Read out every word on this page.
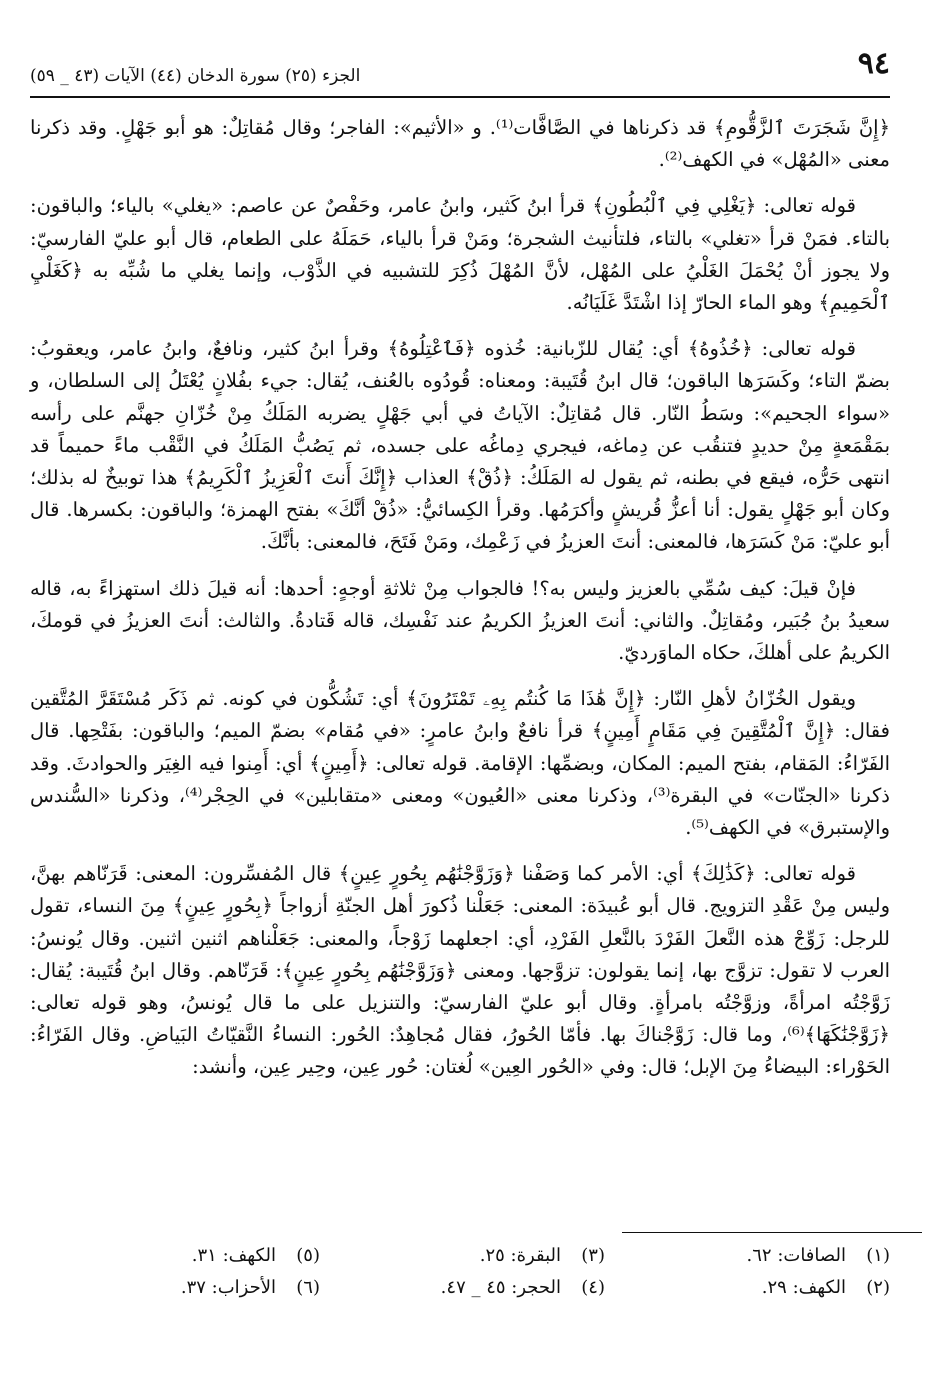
٩٤
الجزء (٢٥) سورة الدخان (٤٤) الآيات (٤٣ _ ٥٩)

﴿إِنَّ شَجَرَتَ ٱلزَّقُّومِ﴾ قد ذكرناها في الصَّافَّات⁽¹⁾. و «الأثيم»: الفاجر؛ وقال مُقاتِلٌ: هو أبو جَهْلٍ. وقد ذكرنا معنى «المُهْل» في الكهف⁽²⁾.

قوله تعالى: ﴿يَغْلِي فِي ٱلْبُطُونِ﴾ قرأ ابنُ كَثير، وابنُ عامر، وحَفْصٌ عن عاصم: «يغلي» بالياء؛ والباقون: بالتاء. فمَنْ قرأ «تغلي» بالتاء، فلتأنيث الشجرة؛ ومَنْ قرأ بالياء، حَمَلَهُ على الطعام، قال أبو عليّ الفارسيّ: ولا يجوز أنْ يُحْمَلَ الغَلْيُ على المُهْل، لأنَّ المُهْلَ ذُكِرَ للتشبيه في الذَّوْب، وإنما يغلي ما شُبِّه به ﴿كَغَلْيِ ٱلْحَمِيمِ﴾ وهو الماء الحارّ إذا اشْتَدَّ غَلَيَانُه.

قوله تعالى: ﴿خُذُوهُ﴾ أي: يُقال للزّبانية: خُذوه ﴿فَٱعْتِلُوهُ﴾ وقرأ ابنُ كثير، ونافعٌ، وابنُ عامر، ويعقوبُ: بضمّ التاء؛ وكَسَرَها الباقون؛ قال ابنُ قُتَيبة: ومعناه: قُودُوه بالعُنف، يُقال: جيء بفُلانٍ يُعْتَلُ إلى السلطان، و «سواء الجحيم»: وسَطُ النّار. قال مُقاتِلٌ: الآياتُ في أبي جَهْلٍ يضربه المَلَكُ مِنْ خُزّانِ جهنَّم على رأسه بمَقْمَعةٍ مِنْ حديدٍ فتنقُب عن دِماغه، فيجري دِماغُه على جسده، ثم يَصُبُّ المَلَكُ في النَّقْب ماءً حميماً قد انتهى حَرُّه، فيقع في بطنه، ثم يقول له المَلَكُ: ﴿ذُقْ﴾ العذاب ﴿إِنَّكَ أَنتَ ٱلْعَزِيزُ ٱلْكَرِيمُ﴾ هذا توبيخٌ له بذلك؛ وكان أبو جَهْلٍ يقول: أنا أعزُّ قُريشٍ وأكرَمُها. وقرأ الكِسائيُّ: «ذُقْ أنَّكَ» بفتح الهمزة؛ والباقون: بكسرها. قال أبو عليّ: مَنْ كَسَرَها، فالمعنى: أنتَ العزيزُ في زَعْمِك، ومَنْ فَتَحَ، فالمعنى: بأنَّكَ.

فإنْ قيلَ: كيف سُمِّي بالعزيز وليس به؟! فالجواب مِنْ ثلاثةِ أوجهٍ: أحدها: أنه قيلَ ذلك استهزاءً به، قاله سعيدُ بنُ جُبَير، ومُقاتِلٌ. والثاني: أنتَ العزيزُ الكريمُ عند نَفْسِك، قاله قَتادةُ. والثالث: أنتَ العزيزُ في قومكَ، الكريمُ على أهلكَ، حكاه الماوَرديّ.

ويقول الخُزّانُ لأهلِ النّار: ﴿إِنَّ هَٰذَا مَا كُنتُم بِهِۦ تَمْتَرُونَ﴾ أي: تَشُكُّون في كونه. ثم ذَكَر مُسْتَقَرَّ المُتَّقين فقال: ﴿إِنَّ ٱلْمُتَّقِينَ فِي مَقَامٍ أَمِينٍ﴾ قرأ نافعٌ وابنُ عامرٍ: «في مُقام» بضمّ الميم؛ والباقون: بفَتْحِها. قال الفَرّاءُ: المَقام، بفتح الميم: المكان، وبضمِّها: الإقامة. قوله تعالى: ﴿أَمِينٍ﴾ أي: أَمِنوا فيه الغِيَر والحوادثَ. وقد ذكرنا «الجنّات» في البقرة⁽³⁾، وذكرنا معنى «العُيون» ومعنى «متقابلين» في الحِجْر⁽⁴⁾، وذكرنا «السُّندس والإستبرق» في الكهف⁽⁵⁾.

قوله تعالى: ﴿كَذَٰلِكَ﴾ أي: الأمر كما وَصَفْنا ﴿وَزَوَّجْنَٰهُم بِحُورٍ عِينٍ﴾ قال المُفسِّرون: المعنى: قَرَنّاهم بهنَّ، وليس مِنْ عَقْدِ التزويج. قال أبو عُبيدَة: المعنى: جَعَلْنا ذُكورَ أهل الجنّةِ أزواجاً ﴿بِحُورٍ عِينٍ﴾ مِنَ النساء، تقول للرجل: زَوِّجْ هذه النَّعلَ الفَرْدَ بالنَّعلِ الفَرْدِ، أي: اجعلهما زَوْجاً، والمعنى: جَعَلْناهم اثنين اثنين. وقال يُونسُ: العرب لا تقول: تزوَّج بها، إنما يقولون: تزوَّجها. ومعنى ﴿وَزَوَّجْنَٰهُم بِحُورٍ عِينٍ﴾: قَرَنّاهم. وقال ابنُ قُتَيبة: يُقال: زَوَّجْتُه امرأةً، وزوَّجْتُه بامرأةٍ. وقال أبو عليّ الفارسيّ: والتنزيل على ما قال يُونسُ، وهو قوله تعالى: ﴿زَوَّجْنَٰكَهَا﴾⁽⁶⁾، وما قال: زَوَّجْناكَ بها. فأمّا الحُورُ، فقال مُجاهِدٌ: الحُور: النساءُ النَّقيّاتُ البَياضِ. وقال الفَرّاءُ: الحَوْراء: البيضاءُ مِنَ الإبل؛ قال: وفي «الحُور العِين» لُغتان: حُور عِين، وحِير عِين، وأنشد:

(١)الصافات: ٦٢.
(٣)البقرة: ٢٥.
(٥)الكهف: ٣١.
(٢)الكهف: ٢٩.
(٤)الحجر: ٤٥ _ ٤٧.
(٦)الأحزاب: ٣٧.
